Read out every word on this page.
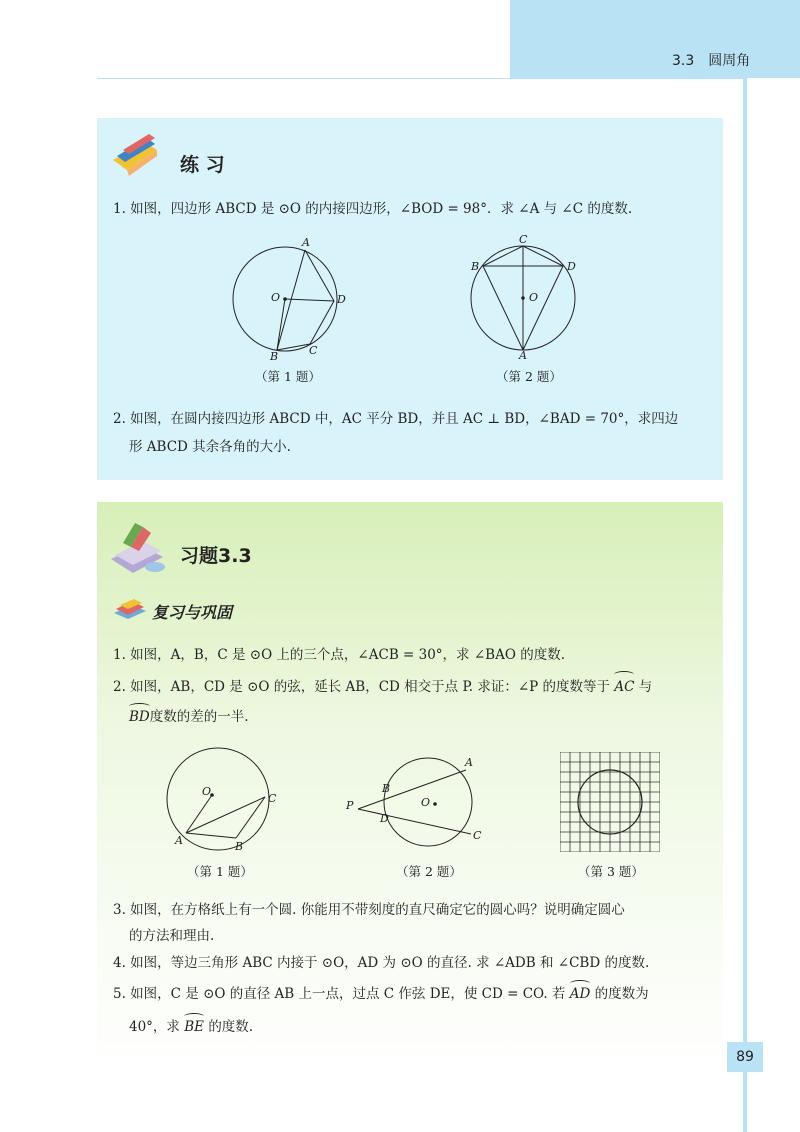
3.3　圆周角
练 习
1. 如图，四边形 ABCD 是 ⊙O 的内接四边形，∠BOD = 98°．求 ∠A 与 ∠C 的度数.
A
B	C
D
O
（第 1 题）
A
B
C
D
O
（第 2 题）
2. 如图，在圆内接四边形 ABCD 中，AC 平分 BD，并且 AC ⊥ BD，∠BAD = 70°，求四边
形 ABCD 其余各角的大小.
习题3.3
复习与巩固
1. 如图，A，B，C 是 ⊙O 上的三个点，∠ACB = 30°，求 ∠BAO 的度数.
2. 如图，AB，CD 是 ⊙O 的弦，延长 AB，CD 相交于点 P. 求证：∠P 的度数等于 AC 与
BD度数的差的一半.
A	B
C
O
（第 1 题）
A
B
C
D
P	O
（第 2 题）	（第 3 题）
3. 如图，在方格纸上有一个圆. 你能用不带刻度的直尺确定它的圆心吗？说明确定圆心
的方法和理由.
4. 如图，等边三角形 ABC 内接于 ⊙O，AD 为 ⊙O 的直径. 求 ∠ADB 和 ∠CBD 的度数.
5. 如图，C 是 ⊙O 的直径 AB 上一点，过点 C 作弦 DE，使 CD = CO. 若 AD 的度数为
40°，求 BE 的度数.
89
